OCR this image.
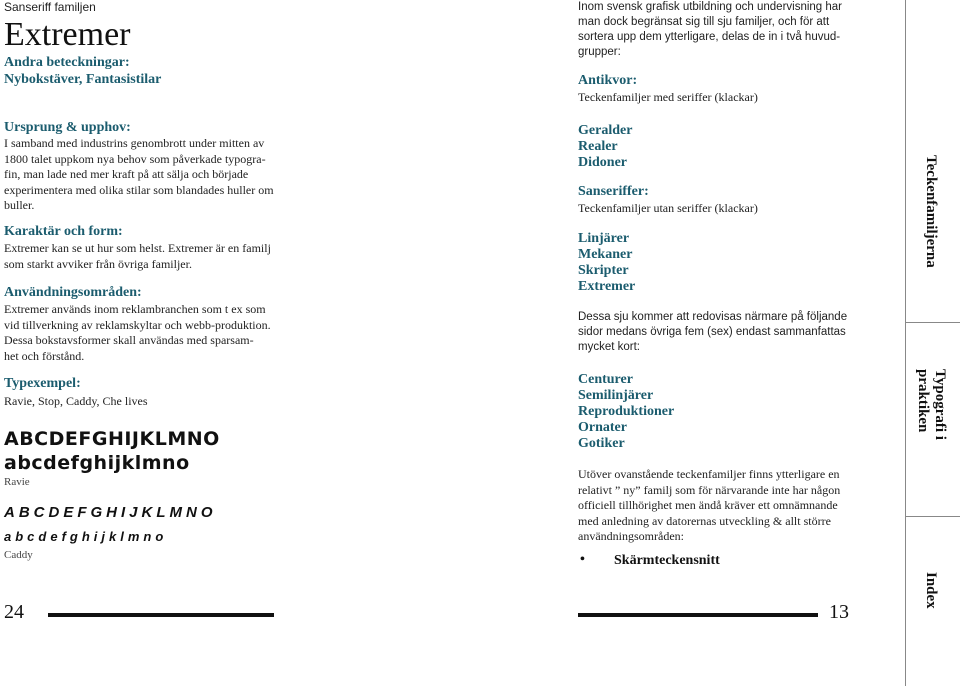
Sanseriff familjen
Extremer
Andra beteckningar:
Nybokstäver, Fantasistilar
Ursprung & upphov:
I samband med industrins genombrott under mitten av
1800 talet uppkom nya behov som påverkade typogra-
fin, man lade ned mer kraft på att sälja och började
experimentera med olika stilar som blandades huller om
buller.
Karaktär och form:
Extremer kan se ut hur som helst. Extremer är en familj
som starkt avviker från övriga familjer.
Användningsområden:
Extremer används inom reklambranchen som t ex som
vid tillverkning av reklamskyltar och webb-produktion.
Dessa bokstavsformer skall användas med sparsam-
het och förstånd.
Typexempel:
Ravie, Stop, Caddy, Che lives
ABCDEFGHIJKLMNO
abcdefghijklmno
Ravie
ABCDEFGHIJKLMNO
abcdefghijklmno
Caddy
24
Inom svensk grafisk utbildning och undervisning har
man dock begränsat sig till sju familjer, och för att
sortera upp dem ytterligare, delas de in i två huvud-
grupper:
Antikvor:
Teckenfamiljer med seriffer (klackar)
Geralder
Realer
Didoner
Sanseriffer:
Teckenfamiljer utan seriffer (klackar)
Linjärer
Mekaner
Skripter
Extremer
Dessa sju kommer att redovisas närmare på följande
sidor medans övriga fem (sex) endast sammanfattas
mycket kort:
Centurer
Semilinjärer
Reproduktioner
Ornater
Gotiker
Utöver ovanstående teckenfamiljer finns ytterligare en
relativt ” ny” familj som för närvarande inte har någon
officiell tillhörighet men ändå kräver ett omnämnande
med anledning av datorernas utveckling & allt större
användningsområden:
• Skärmteckensnitt
13
Teckenfamiljerna
Typografi i praktiken
Index
